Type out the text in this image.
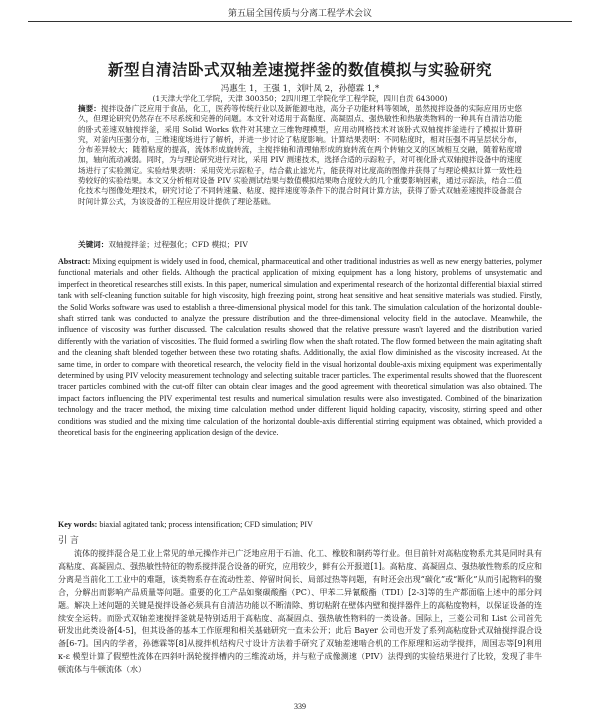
第五届全国传质与分离工程学术会议
新型自清洁卧式双轴差速搅拌釜的数值模拟与实验研究
冯惠生 1，王强 1，刘叶凤 2，孙德霖 1,*
(1天津大学化工学院，天津 300350；2四川理工学院化学工程学院，四川自贡 643000)
摘要：搅拌设备广泛应用于食品，化工，医药等传统行业以及新能源电池，高分子功能材料等领域，虽然搅拌设备的实际应用历史悠久，但理论研究仍然存在不尽系统和完善的问题。本文针对适用于高黏度、高凝固点、强热敏性和热敏类物料的一种具有自清洁功能的卧式差速双轴搅拌釜，采用 Solid Works 软件对其建立三维物理模型，应用动网格技术对该卧式双轴搅拌釜进行了模拟计算研究，对釜内压强分布，三维速度场进行了解析，并进一步讨论了粘度影响。计算结果表明：不同粘度时，相对压强不再呈层状分布，分布差异较大；随着粘度的提高，流体形成旋转流，主搅拌轴和清理轴形成的旋转流在两个转轴交叉的区域相互交融，随着粘度增加，轴向流动减弱。同时，为与理论研究进行对比，采用 PIV 测速技术，选择合适的示踪粒子，对可视化卧式双轴搅拌设备中的速度场进行了实验测定。实验结果表明：采用荧光示踪粒子，结合截止滤光片，能获得对比度高的图像并获得了与理论模拟计算一致性趋势较好的实验结果。本文又分析相对设备 PIV 实验测试结果与数值模拟结果吻合度较大的几个重要影响因素，通过示踪法，结合二值化技术与图像处理技术，研究讨论了不同转速量、粘度、搅拌速度等条件下的混合时间计算方法，获得了卧式双轴差速搅拌设备混合时间计算公式，为该设备的工程应用设计提供了理论基础。
关键词：双轴搅拌釜；过程强化；CFD 模拟；PIV
Abstract: Mixing equipment is widely used in food, chemical, pharmaceutical and other traditional industries as well as new energy batteries, polymer functional materials and other fields. Although the practical application of mixing equipment has a long history, problems of unsystematic and imperfect in theoretical researches still exists. In this paper, numerical simulation and experimental research of the horizontal differential biaxial stirred tank with self-cleaning function suitable for high viscosity, high freezing point, strong heat sensitive and heat sensitive materials was studied. Firstly, the Solid Works software was used to establish a three-dimensional physical model for this tank. The simulation calculation of the horizontal double-shaft stirred tank was conducted to analyze the pressure distribution and the three-dimensional velocity field in the autoclave. Meanwhile, the influence of viscosity was further discussed. The calculation results showed that the relative pressure wasn't layered and the distribution varied differently with the variation of viscosities. The fluid formed a swirling flow when the shaft rotated. The flow formed between the main agitating shaft and the cleaning shaft blended together between these two rotating shafts. Additionally, the axial flow diminished as the viscosity increased. At the same time, in order to compare with theoretical research, the velocity field in the visual horizontal double-axis mixing equipment was experimentally determined by using PIV velocity measurement technology and selecting suitable tracer particles. The experimental results showed that the fluorescent tracer particles combined with the cut-off filter can obtain clear images and the good agreement with theoretical simulation was also obtained. The impact factors influencing the PIV experimental test results and numerical simulation results were also investigated. Combined of the binarization technology and the tracer method, the mixing time calculation method under different liquid holding capacity, viscosity, stirring speed and other conditions was studied and the mixing time calculation of the horizontal double-axis differential stirring equipment was obtained, which provided a theoretical basis for the engineering application design of the device.
Key words: biaxial agitated tank; process intensification; CFD simulation; PIV
引 言
流体的搅拌混合是工业上常见的单元操作并已广泛地应用于石油、化工、橡胶和制药等行业。但目前针对高粘度物系尤其是同时具有高粘度、高凝固点、强热敏性特征的物系搅拌混合设备的研究，应用较少，鲜有公开报道[1]。高粘度、高凝固点、强热敏性物系的反应和分离是当前化工工业中的难题，该类物系存在流动性差、停留时间长、局部过热等问题，有时还会出现“碳化”或“断化”从而引起物料的聚合，分解出而影响产品质量等问题。重要的化工产品如聚碳酸酯（PC）、甲苯二异氰酸酯（TDI）[2-3]等的生产都面临上述中的部分问题。解决上述问题的关键是搅拌设备必须具有自清洁功能以不断清除、剪切粘附在壁体内壁和搅拌器件上的高粘度物料，以保证设备的连续安全运转。而卧式双轴差速搅拌釜就是特别适用于高粘度、高凝固点、强热敏性物料的一类设备。国际上，三菱公司和 List 公司首先研发出此类设备[4-5]，但其设备的基本工作原理和相关基础研究一直未公开；此后 Bayer 公司也开发了系列高粘度卧式双轴搅拌混合设备[6-7]。国内的学者，孙德霖等[8]从搅拌机结构尺寸设计方法着手研究了双轴差速啮合机的工作原理和运动学搅拌，周国志等[9]利用 κ-ε 模型计算了假塑性流体在四斜叶涡轮搅拌槽内的三维流动场，并与粒子成像测速（PIV）法得到的实验结果进行了比较，发现了非牛顿流体与牛顿流体（水）
339
